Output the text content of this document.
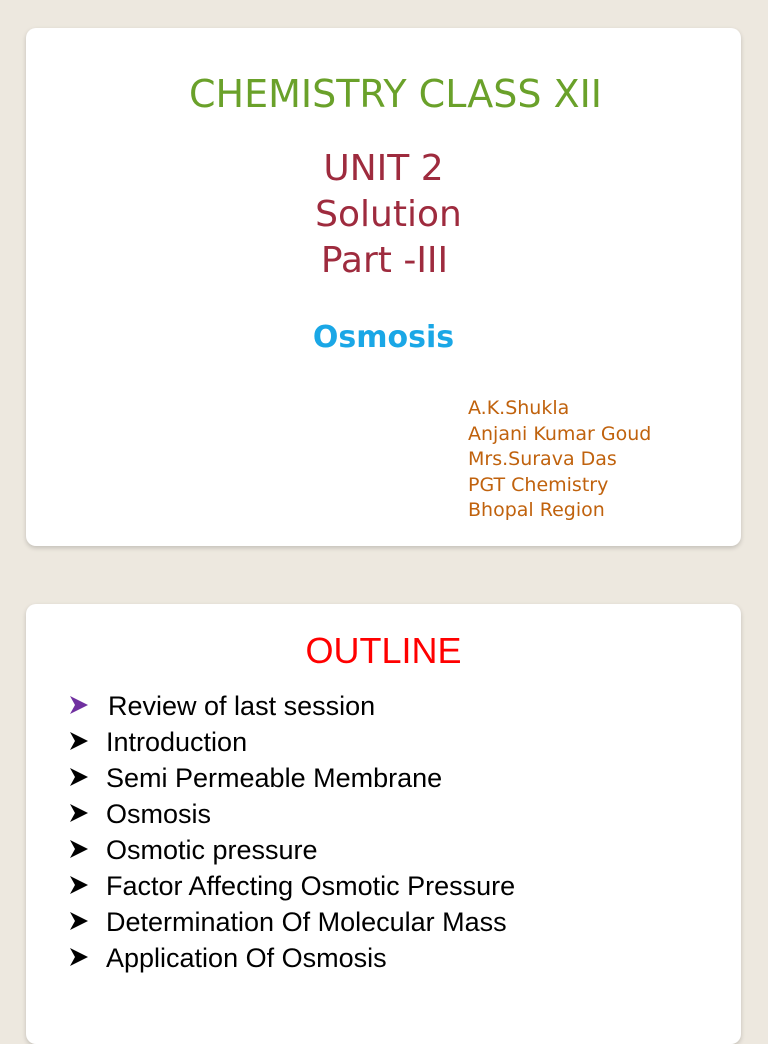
CHEMISTRY CLASS XII
UNIT 2
Solution
Part -III
Osmosis
A.K.Shukla
Anjani Kumar Goud
Mrs.Surava Das
PGT Chemistry
Bhopal Region
OUTLINE
Review of last session
Introduction
Semi Permeable Membrane
Osmosis
Osmotic pressure
Factor Affecting Osmotic Pressure
Determination Of Molecular Mass
Application Of Osmosis
